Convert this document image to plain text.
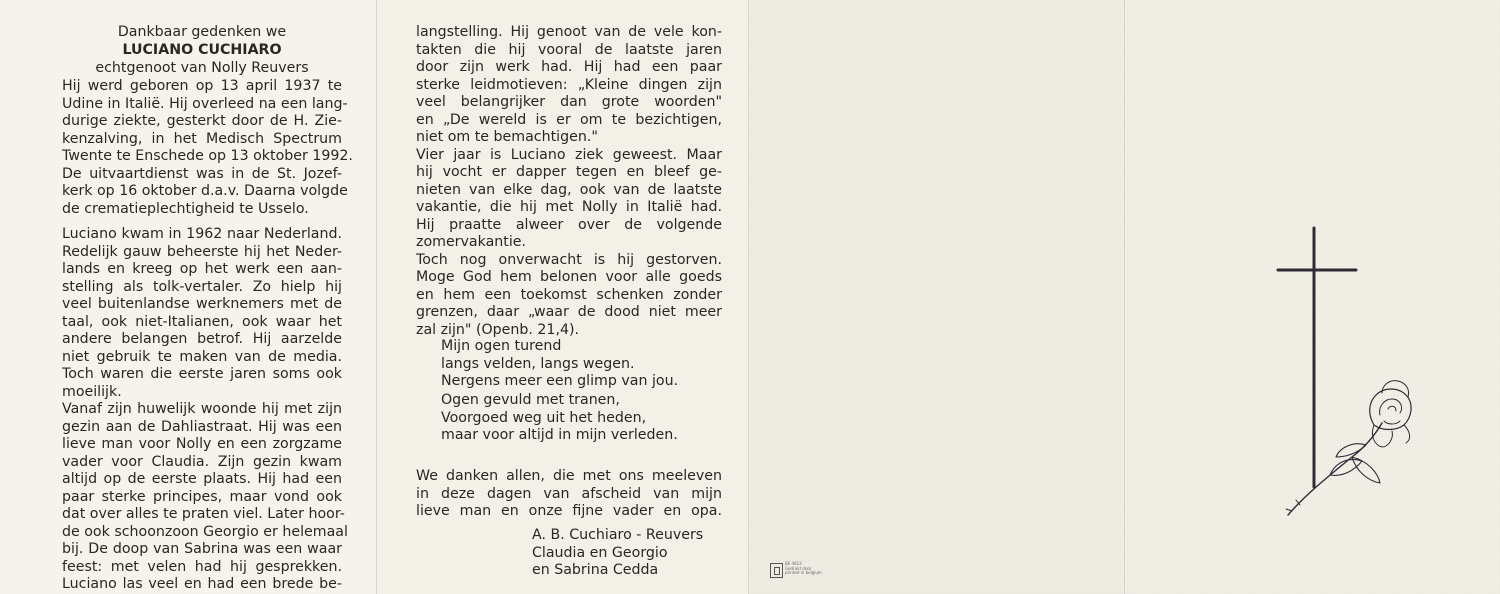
Dankbaar gedenken we
LUCIANO CUCHIARO
echtgenoot van Nolly Reuvers
Hij werd geboren op 13 april 1937 te
Udine in Italië. Hij overleed na een lang-
durige ziekte, gesterkt door de H. Zie-
kenzalving, in het Medisch Spectrum
Twente te Enschede op 13 oktober 1992.
De uitvaartdienst was in de St. Jozef-
kerk op 16 oktober d.a.v. Daarna volgde
de crematieplechtigheid te Usselo.
Luciano kwam in 1962 naar Nederland.
Redelijk gauw beheerste hij het Neder-
lands en kreeg op het werk een aan-
stelling als tolk-vertaler. Zo hielp hij
veel buitenlandse werknemers met de
taal, ook niet-Italianen, ook waar het
andere belangen betrof. Hij aarzelde
niet gebruik te maken van de media.
Toch waren die eerste jaren soms ook
moeilijk.
Vanaf zijn huwelijk woonde hij met zijn
gezin aan de Dahliastraat. Hij was een
lieve man voor Nolly en een zorgzame
vader voor Claudia. Zijn gezin kwam
altijd op de eerste plaats. Hij had een
paar sterke principes, maar vond ook
dat over alles te praten viel. Later hoor-
de ook schoonzoon Georgio er helemaal
bij. De doop van Sabrina was een waar
feest: met velen had hij gesprekken.
Luciano las veel en had een brede be-
langstelling. Hij genoot van de vele kon-
takten die hij vooral de laatste jaren
door zijn werk had. Hij had een paar
sterke leidmotieven: „Kleine dingen zijn
veel belangrijker dan grote woorden"
en „De wereld is er om te bezichtigen,
niet om te bemachtigen."
Vier jaar is Luciano ziek geweest. Maar
hij vocht er dapper tegen en bleef ge-
nieten van elke dag, ook van de laatste
vakantie, die hij met Nolly in Italië had.
Hij praatte alweer over de volgende
zomervakantie.
Toch nog onverwacht is hij gestorven.
Moge God hem belonen voor alle goeds
en hem een toekomst schenken zonder
grenzen, daar „waar de dood niet meer
zal zijn" (Openb. 21,4).
Mijn ogen turend
langs velden, langs wegen.
Nergens meer een glimp van jou.
Ogen gevuld met tranen,
Voorgoed weg uit het heden,
maar voor altijd in mijn verleden.
We danken allen, die met ons meeleven
in deze dagen van afscheid van mijn
lieve man en onze fijne vader en opa.
A. B. Cuchiaro - Reuvers
Claudia en Georgio
en Sabrina Cedda	BE 4813
Gedrukt door
printed in belgium
